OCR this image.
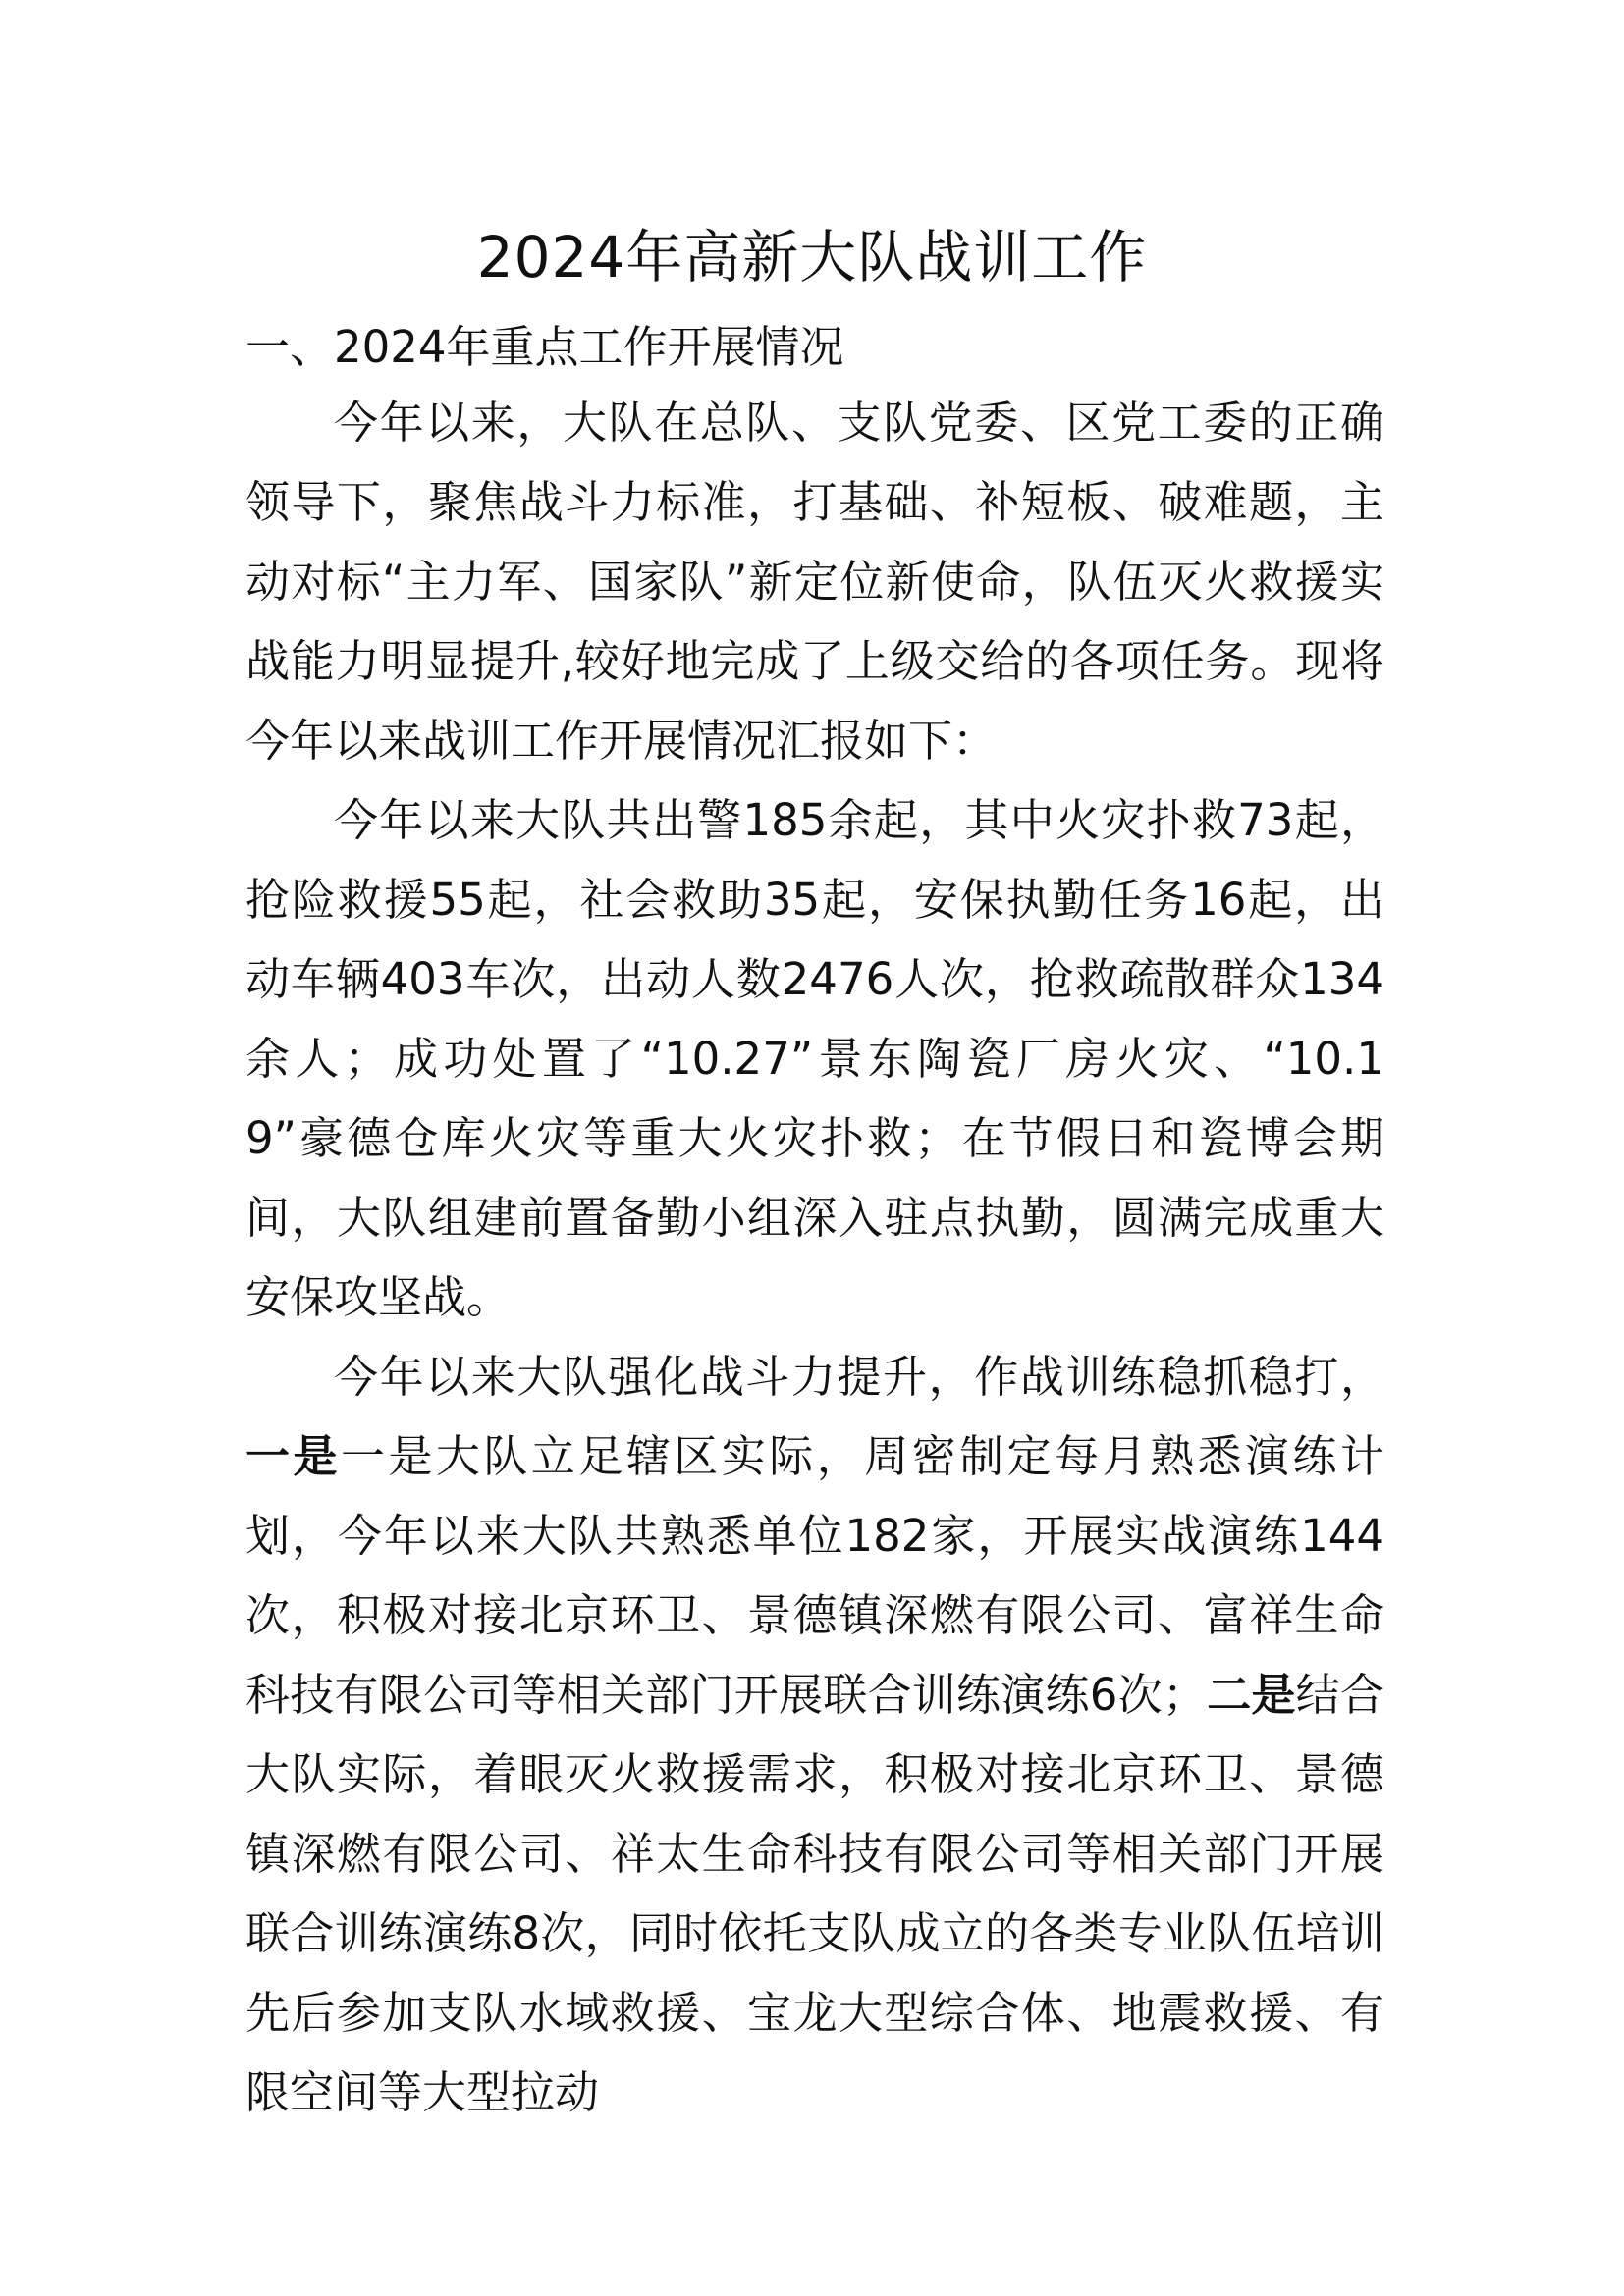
2024年高新大队战训工作

一、2024年重点工作开展情况

今年以来，大队在总队、支队党委、区党工委的正确领导下，聚焦战斗力标准，打基础、补短板、破难题，主动对标“主力军、国家队”新定位新使命，队伍灭火救援实战能力明显提升,较好地完成了上级交给的各项任务。现将今年以来战训工作开展情况汇报如下：

今年以来大队共出警185余起，其中火灾扑救73起，抢险救援55起，社会救助35起，安保执勤任务16起，出动车辆403车次，出动人数2476人次，抢救疏散群众134 余人；成功处置了“10.27”景东陶瓷厂房火灾、“10.19”豪德仓库火灾等重大火灾扑救；在节假日和瓷博会期间，大队组建前置备勤小组深入驻点执勤，圆满完成重大安保攻坚战。

今年以来大队强化战斗力提升，作战训练稳抓稳打，一是一是大队立足辖区实际，周密制定每月熟悉演练计划，今年以来大队共熟悉单位182家，开展实战演练144次，积极对接北京环卫、景德镇深燃有限公司、富祥生命科技有限公司等相关部门开展联合训练演练6次；二是结合大队实际，着眼灭火救援需求，积极对接北京环卫、景德镇深燃有限公司、祥太生命科技有限公司等相关部门开展联合训练演练8次，同时依托支队成立的各类专业队伍培训先后参加支队水域救援、宝龙大型综合体、地震救援、有限空间等大型拉动
